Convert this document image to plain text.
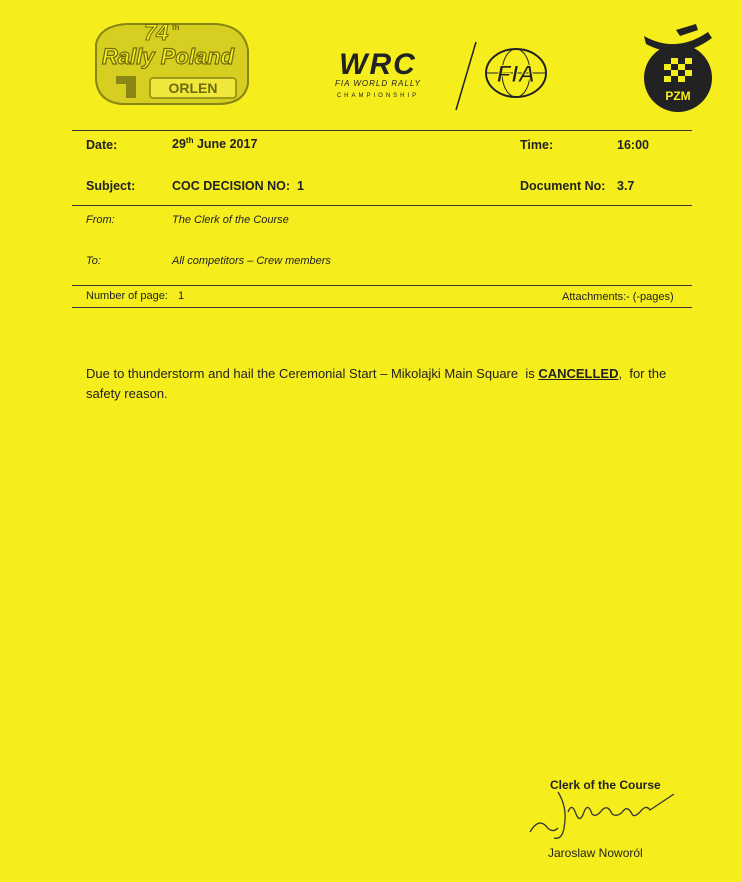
74 th
Rally Poland
ORLEN
WRC
FIA WORLD RALLY
CHAMPIONSHIP
FIA
PZM
Date:	29th June 2017	Time:	16:00
Subject:	COC DECISION NO:  1	Document No: 3.7
From:	The Clerk of the Course
To:	All competitors – Crew members
Number of page: 1	Attachments: - (-pages)
Due to thunderstorm and hail the Ceremonial Start – Mikolajki Main Square  is CANCELLED,  for the safety reason.
Clerk of the Course
Jaroslaw Noworól
